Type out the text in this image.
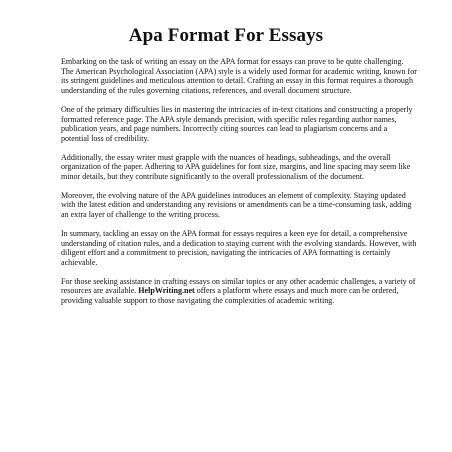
Apa Format For Essays

Embarking on the task of writing an essay on the APA format for essays can prove to be quite challenging. The American Psychological Association (APA) style is a widely used format for academic writing, known for its stringent guidelines and meticulous attention to detail. Crafting an essay in this format requires a thorough understanding of the rules governing citations, references, and overall document structure.

One of the primary difficulties lies in mastering the intricacies of in-text citations and constructing a properly formatted reference page. The APA style demands precision, with specific rules regarding author names, publication years, and page numbers. Incorrectly citing sources can lead to plagiarism concerns and a potential loss of credibility.

Additionally, the essay writer must grapple with the nuances of headings, subheadings, and the overall organization of the paper. Adhering to APA guidelines for font size, margins, and line spacing may seem like minor details, but they contribute significantly to the overall professionalism of the document.

Moreover, the evolving nature of the APA guidelines introduces an element of complexity. Staying updated with the latest edition and understanding any revisions or amendments can be a time-consuming task, adding an extra layer of challenge to the writing process.

In summary, tackling an essay on the APA format for essays requires a keen eye for detail, a comprehensive understanding of citation rules, and a dedication to staying current with the evolving standards. However, with diligent effort and a commitment to precision, navigating the intricacies of APA formatting is certainly achievable.

For those seeking assistance in crafting essays on similar topics or any other academic challenges, a variety of resources are available. HelpWriting.net offers a platform where essays and much more can be ordered, providing valuable support to those navigating the complexities of academic writing.
